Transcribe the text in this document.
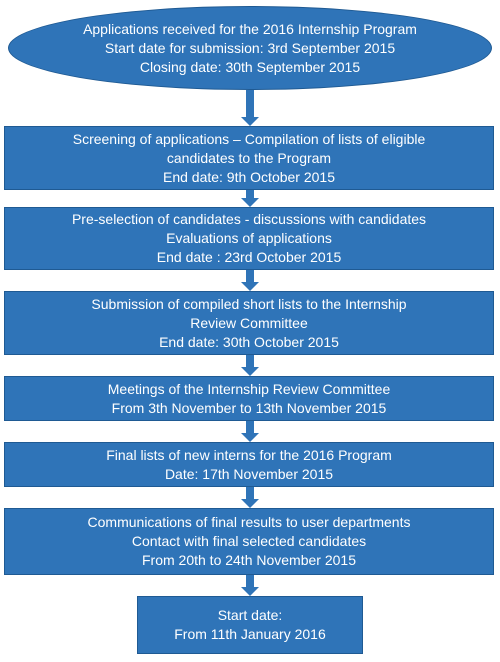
Applications received for the 2016 Internship Program
Start date for submission: 3rd September 2015
Closing date: 30th September 2015
Screening of applications – Compilation of lists of eligible
candidates to the Program
End date: 9th October 2015
Pre-selection of candidates - discussions with candidates
Evaluations of applications
End date : 23rd October 2015
Submission of compiled short lists to the Internship
Review Committee
End date: 30th October 2015
Meetings of the Internship Review Committee
From 3th November to 13th November 2015
Final lists of new interns for the 2016 Program
Date: 17th November 2015
Communications of final results to user departments
Contact with final selected candidates
From 20th to 24th November 2015
Start date:
From 11th January 2016
